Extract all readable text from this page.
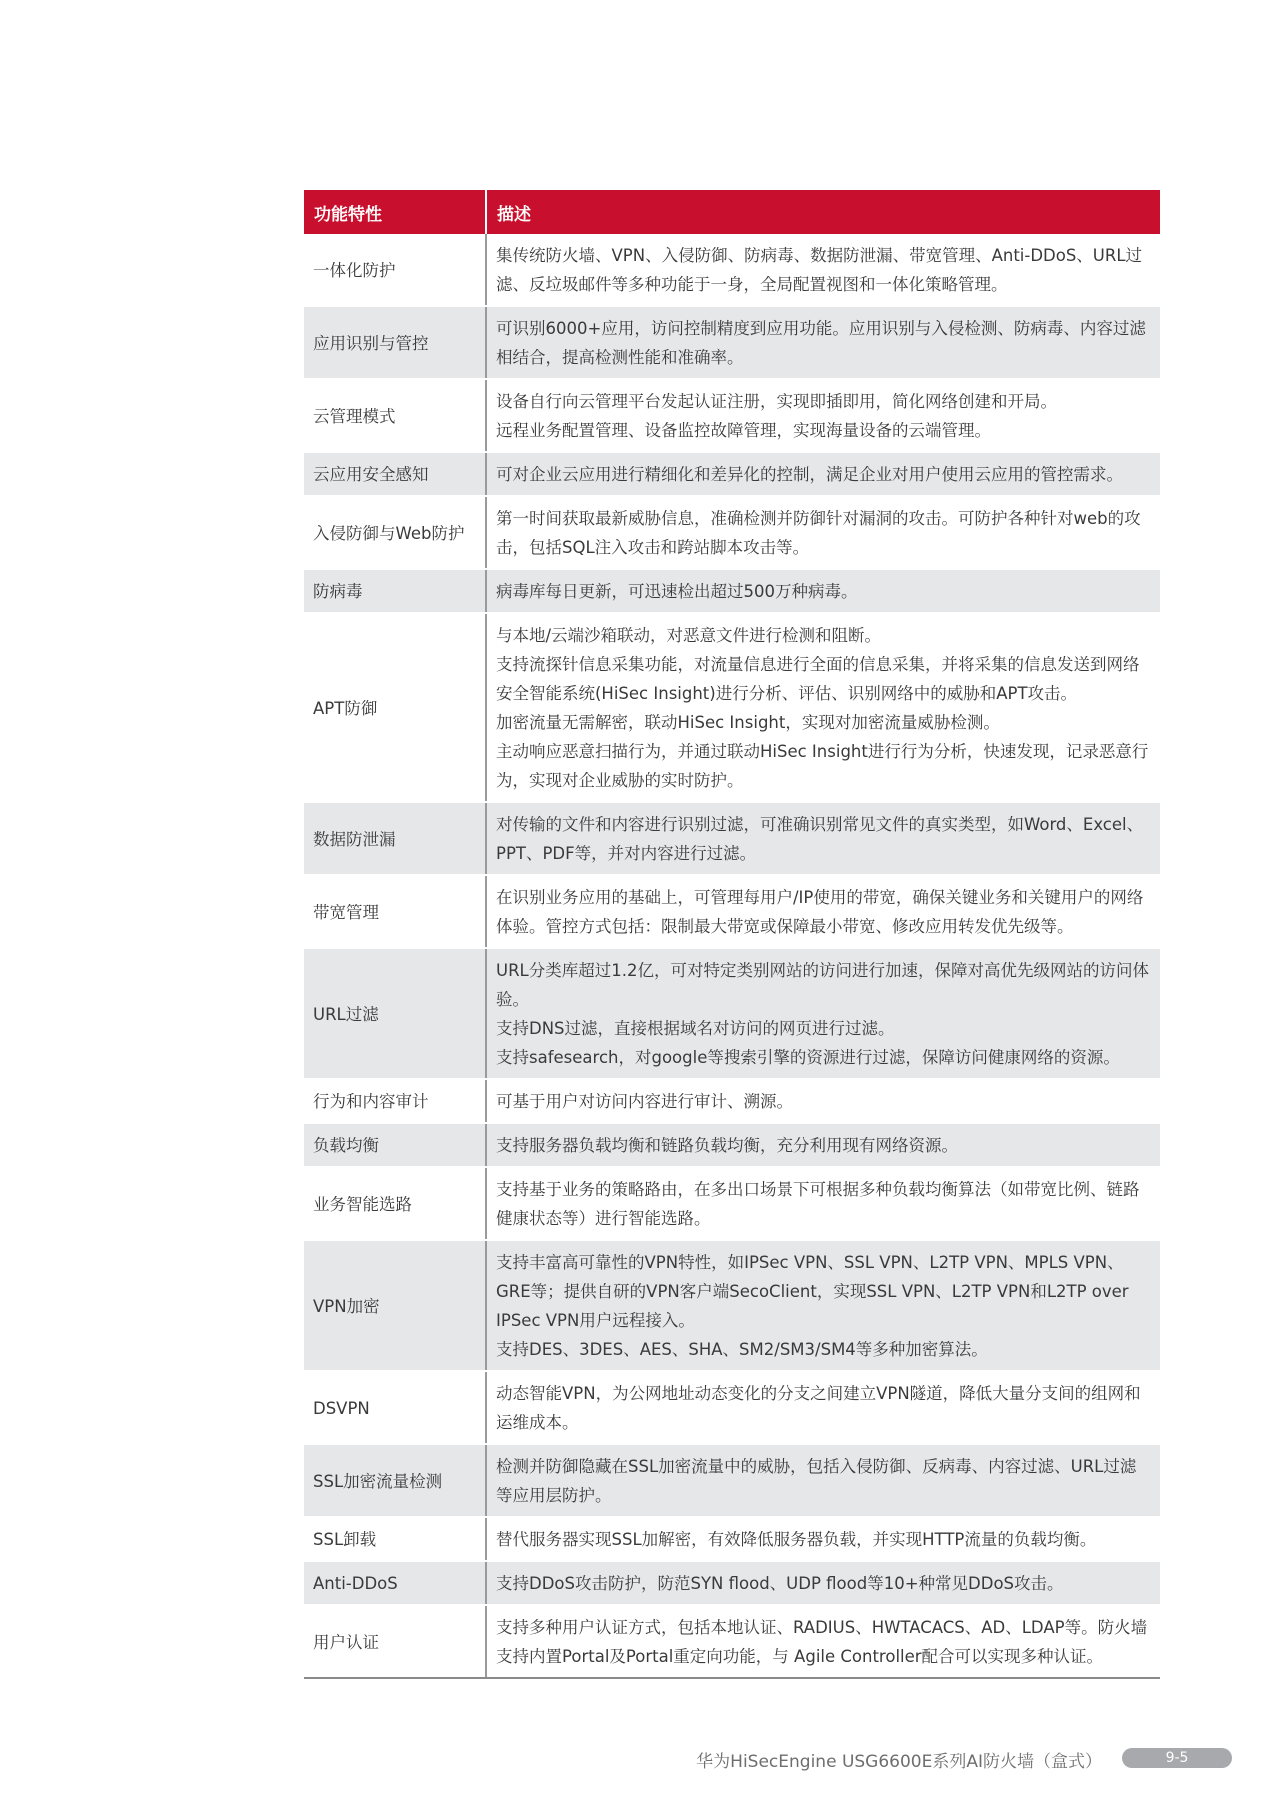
功能特性	描述
一体化防护	集传统防火墙、VPN、入侵防御、防病毒、数据防泄漏、带宽管理、Anti-DDoS、URL过滤、反垃圾邮件等多种功能于一身，全局配置视图和一体化策略管理。

应用识别与管控	可识别6000+应用，访问控制精度到应用功能。应用识别与入侵检测、防病毒、内容过滤相结合，提高检测性能和准确率。

云管理模式	设备自行向云管理平台发起认证注册，实现即插即用，简化网络创建和开局。
远程业务配置管理、设备监控故障管理，实现海量设备的云端管理。

云应用安全感知	可对企业云应用进行精细化和差异化的控制，满足企业对用户使用云应用的管控需求。

入侵防御与Web防护	第一时间获取最新威胁信息，准确检测并防御针对漏洞的攻击。可防护各种针对web的攻击，包括SQL注入攻击和跨站脚本攻击等。

防病毒	病毒库每日更新，可迅速检出超过500万种病毒。

APT防御	与本地/云端沙箱联动，对恶意文件进行检测和阻断。
支持流探针信息采集功能，对流量信息进行全面的信息采集，并将采集的信息发送到网络安全智能系统(HiSec Insight)进行分析、评估、识别网络中的威胁和APT攻击。
加密流量无需解密，联动HiSec Insight，实现对加密流量威胁检测。
主动响应恶意扫描行为，并通过联动HiSec Insight进行行为分析，快速发现，记录恶意行为，实现对企业威胁的实时防护。

数据防泄漏	对传输的文件和内容进行识别过滤，可准确识别常见文件的真实类型，如Word、Excel、PPT、PDF等，并对内容进行过滤。

带宽管理	在识别业务应用的基础上，可管理每用户/IP使用的带宽，确保关键业务和关键用户的网络体验。管控方式包括：限制最大带宽或保障最小带宽、修改应用转发优先级等。

URL过滤	URL分类库超过1.2亿，可对特定类别网站的访问进行加速，保障对高优先级网站的访问体验。
支持DNS过滤，直接根据域名对访问的网页进行过滤。
支持safesearch，对google等搜索引擎的资源进行过滤，保障访问健康网络的资源。

行为和内容审计	可基于用户对访问内容进行审计、溯源。

负载均衡	支持服务器负载均衡和链路负载均衡，充分利用现有网络资源。

业务智能选路	支持基于业务的策略路由，在多出口场景下可根据多种负载均衡算法（如带宽比例、链路健康状态等）进行智能选路。

VPN加密	支持丰富高可靠性的VPN特性，如IPSec VPN、SSL VPN、L2TP VPN、MPLS VPN、GRE等；提供自研的VPN客户端SecoClient，实现SSL VPN、L2TP VPN和L2TP over IPSec VPN用户远程接入。
支持DES、3DES、AES、SHA、SM2/SM3/SM4等多种加密算法。

DSVPN	动态智能VPN，为公网地址动态变化的分支之间建立VPN隧道，降低大量分支间的组网和运维成本。

SSL加密流量检测	检测并防御隐藏在SSL加密流量中的威胁，包括入侵防御、反病毒、内容过滤、URL过滤等应用层防护。

SSL卸载	替代服务器实现SSL加解密，有效降低服务器负载，并实现HTTP流量的负载均衡。

Anti-DDoS	支持DDoS攻击防护，防范SYN flood、UDP flood等10+种常见DDoS攻击。

用户认证	支持多种用户认证方式，包括本地认证、RADIUS、HWTACACS、AD、LDAP等。防火墙支持内置Portal及Portal重定向功能，与 Agile Controller配合可以实现多种认证。
华为HiSecEngine USG6600E系列AI防火墙（盒式）	9-5
